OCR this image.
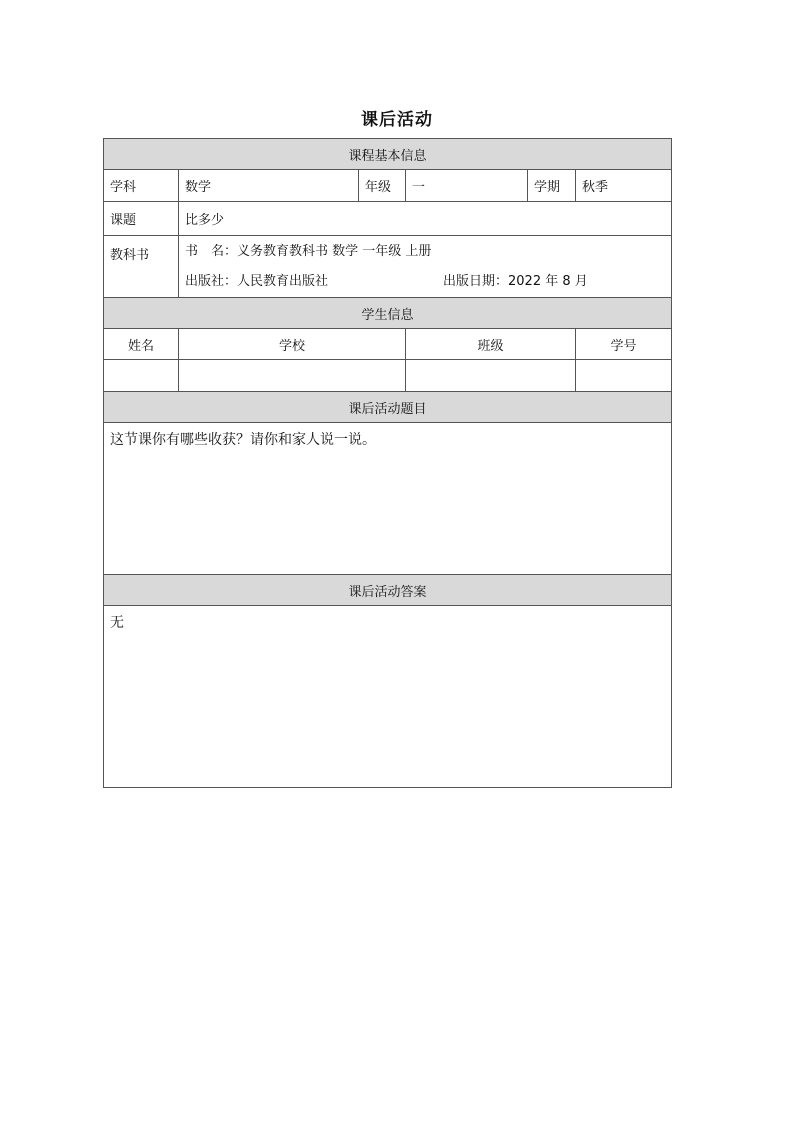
课后活动
课程基本信息					
学科	数学	年级	一	学期	秋季
课题	比多少				
教科书	书　名：义务教育教科书 数学 一年级 上册
出版社：人民教育出版社 出版日期：2022 年 8 月				

学生信息					
姓名	学校		班级		学号

课后活动题目					
这节课你有哪些收获？请你和家人说一说。					
课后活动答案					
无					
